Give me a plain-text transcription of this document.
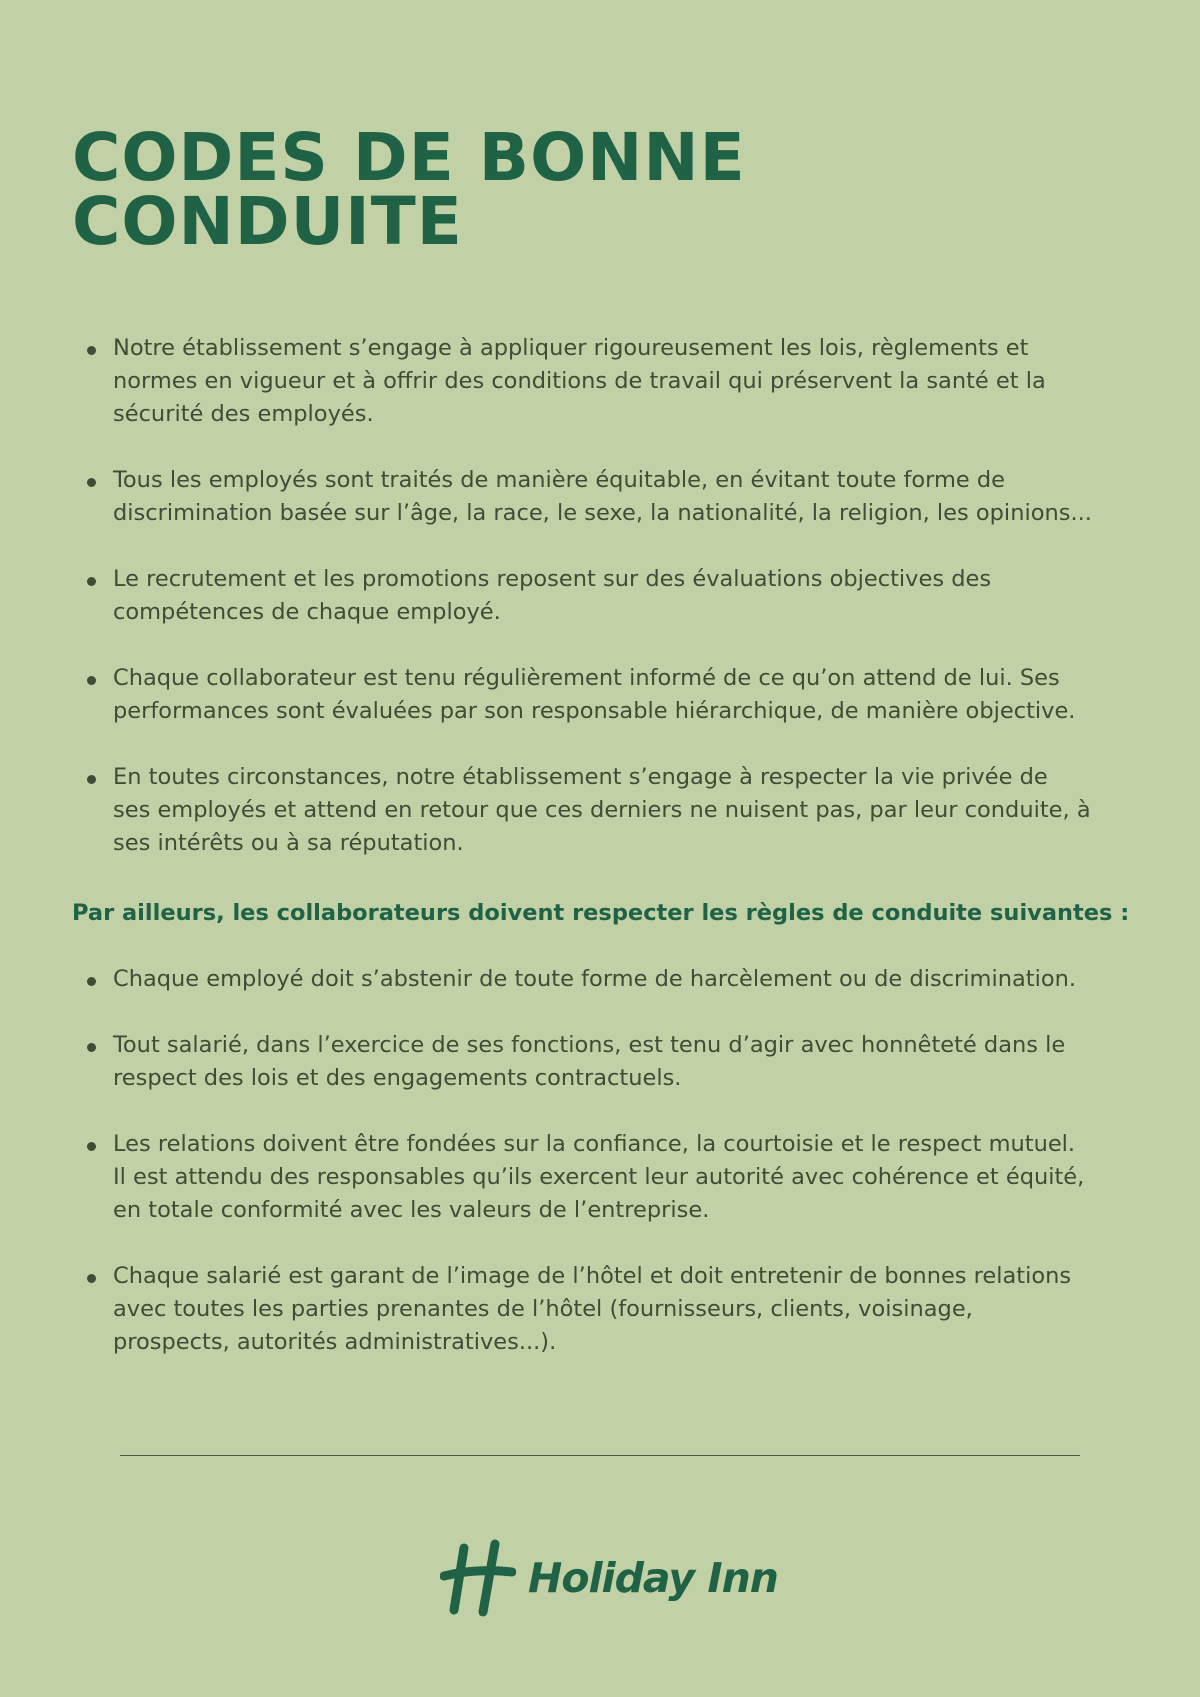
CODES DE BONNE
CONDUITE
Notre établissement s’engage à appliquer rigoureusement les lois, règlements et normes en vigueur et à offrir des conditions de travail qui préservent la santé et la sécurité des employés.
Tous les employés sont traités de manière équitable, en évitant toute forme de discrimination basée sur l’âge, la race, le sexe, la nationalité, la religion, les opinions...
Le recrutement et les promotions reposent sur des évaluations objectives des compétences de chaque employé.
Chaque collaborateur est tenu régulièrement informé de ce qu’on attend de lui. Ses performances sont évaluées par son responsable hiérarchique, de manière objective.
En toutes circonstances, notre établissement s’engage à respecter la vie privée de ses employés et attend en retour que ces derniers ne nuisent pas, par leur conduite, à ses intérêts ou à sa réputation.

Par ailleurs, les collaborateurs doivent respecter les règles de conduite suivantes :

Chaque employé doit s’abstenir de toute forme de harcèlement ou de discrimination.
Tout salarié, dans l’exercice de ses fonctions, est tenu d’agir avec honnêteté dans le respect des lois et des engagements contractuels.
Les relations doivent être fondées sur la confiance, la courtoisie et le respect mutuel. Il est attendu des responsables qu’ils exercent leur autorité avec cohérence et équité, en totale conformité avec les valeurs de l’entreprise.
Chaque salarié est garant de l’image de l’hôtel et doit entretenir de bonnes relations avec toutes les parties prenantes de l’hôtel (fournisseurs, clients, voisinage, prospects, autorités administratives...).
Holiday Inn
